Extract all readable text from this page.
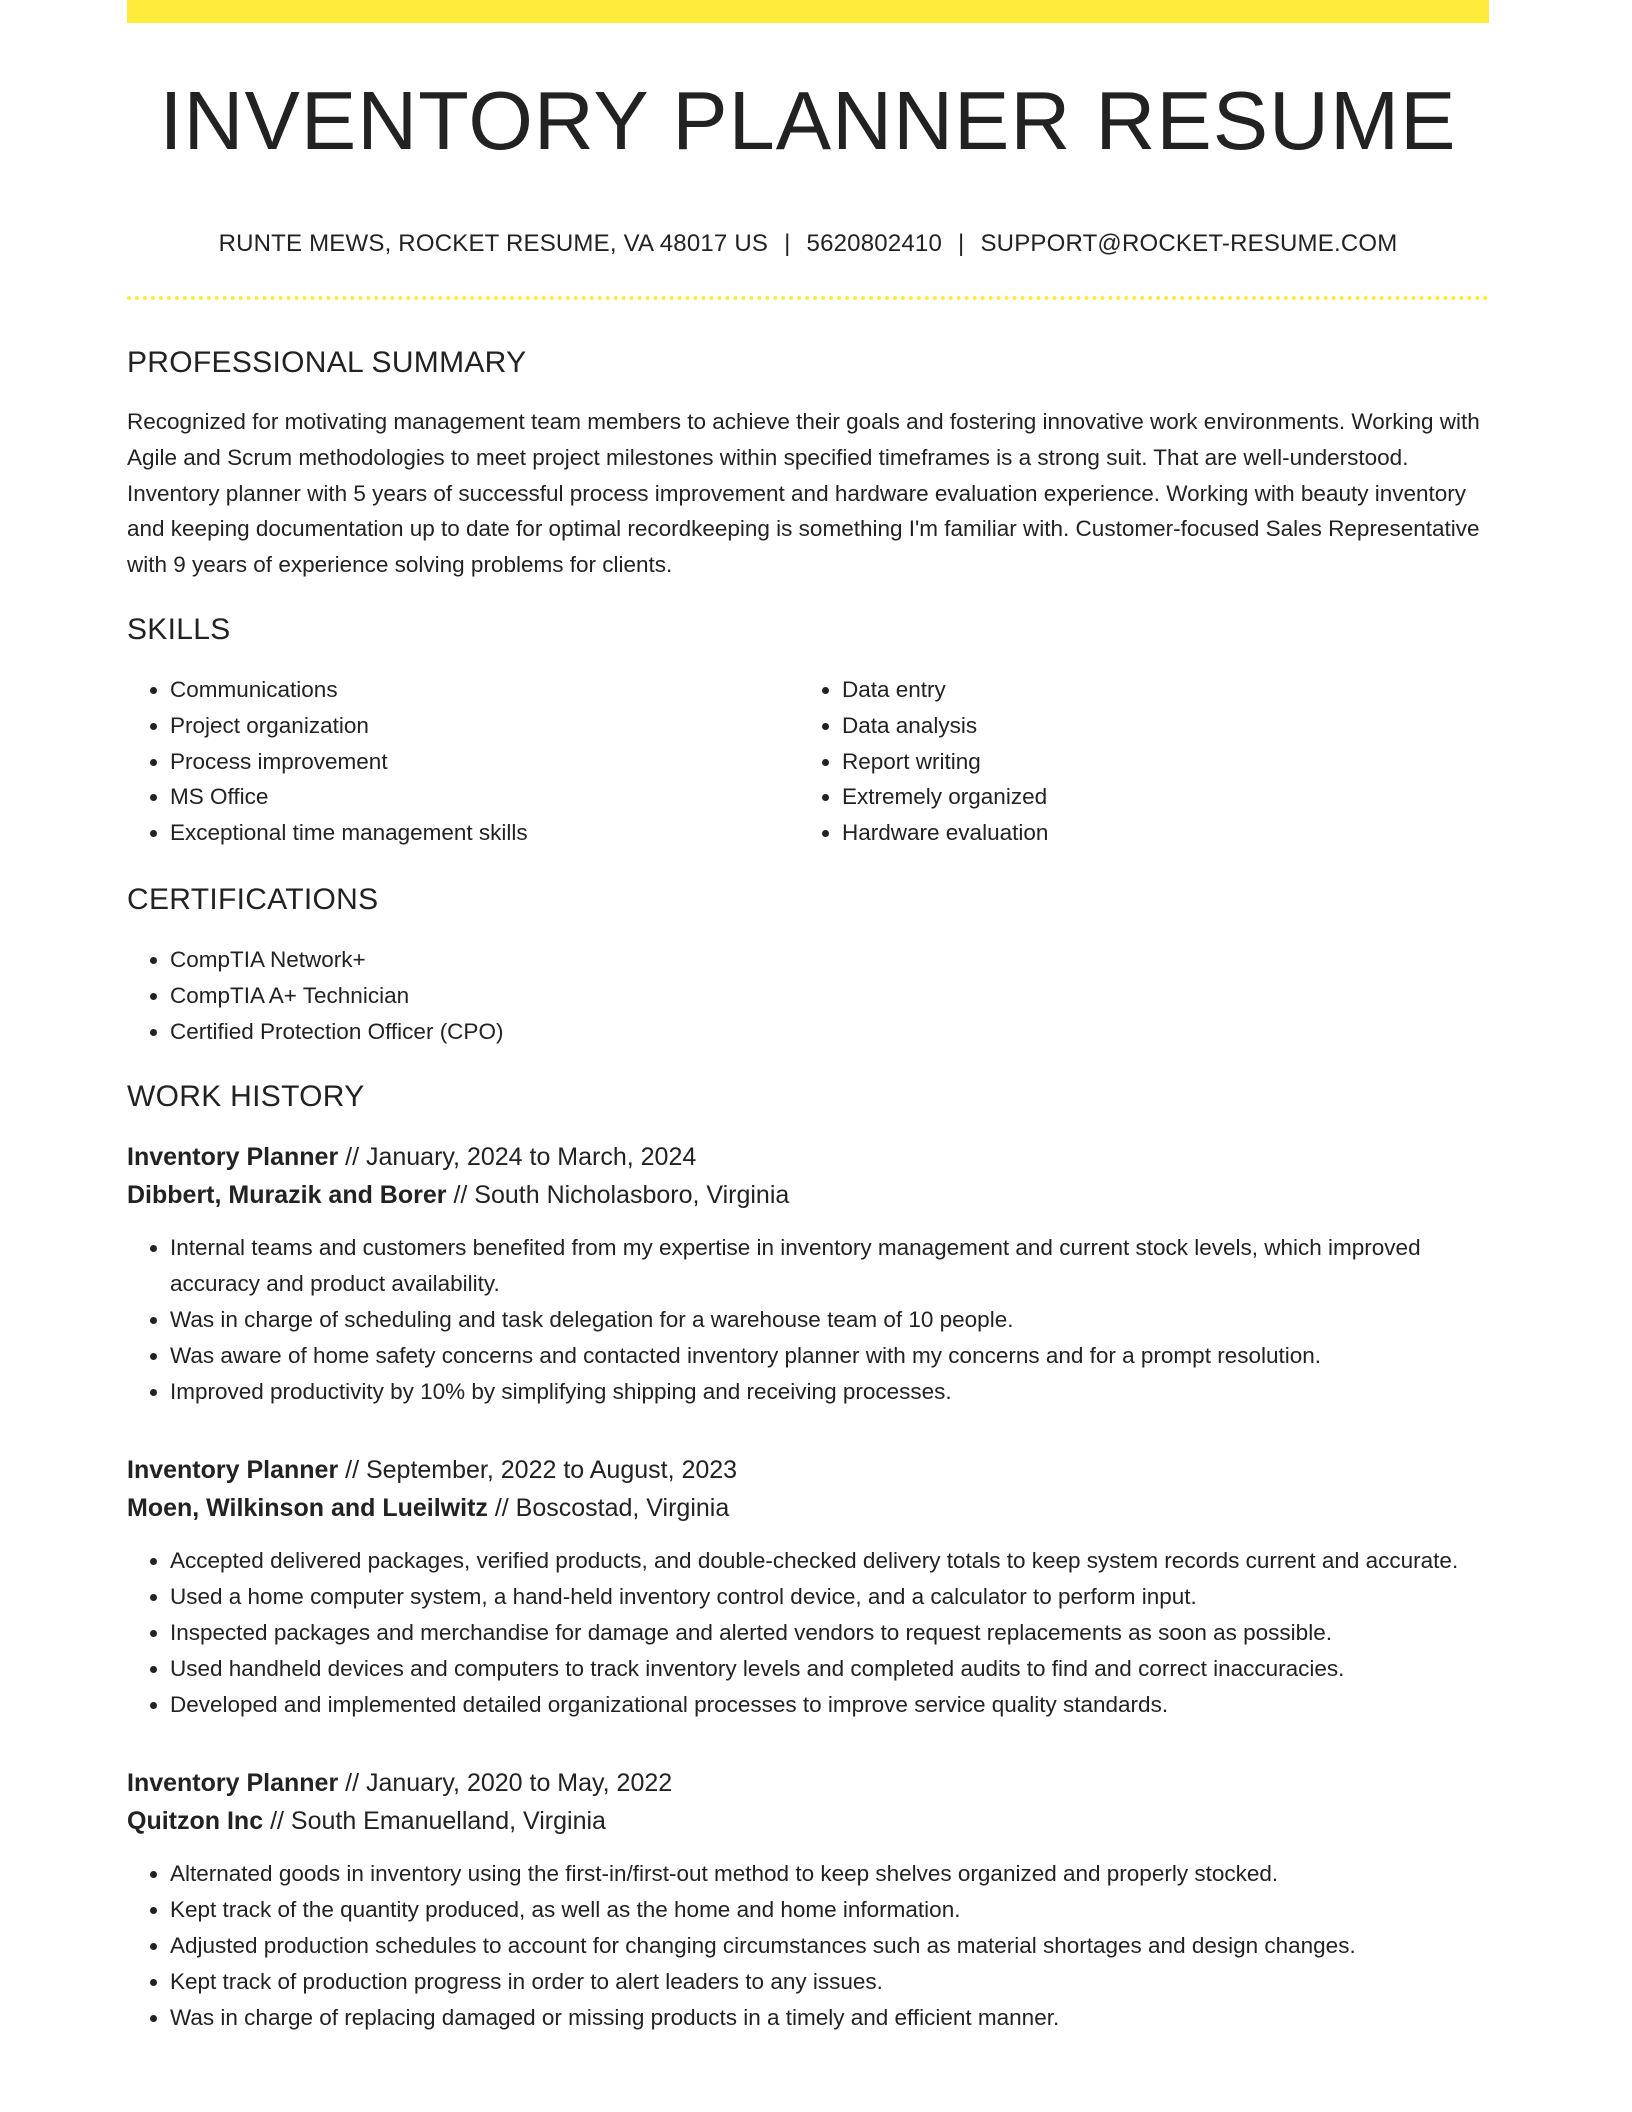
INVENTORY PLANNER RESUME
RUNTE MEWS, ROCKET RESUME, VA 48017 US | 5620802410 | SUPPORT@ROCKET-RESUME.COM
PROFESSIONAL SUMMARY

Recognized for motivating management team members to achieve their goals and fostering innovative work environments. Working with Agile and Scrum methodologies to meet project milestones within specified timeframes is a strong suit. That are well-understood. Inventory planner with 5 years of successful process improvement and hardware evaluation experience. Working with beauty inventory and keeping documentation up to date for optimal recordkeeping is something I'm familiar with. Customer-focused Sales Representative with 9 years of experience solving problems for clients.

SKILLS
• Communications
• Project organization
• Process improvement
• MS Office
• Exceptional time management skills
• Data entry
• Data analysis
• Report writing
• Extremely organized
• Hardware evaluation
CERTIFICATIONS
• CompTIA Network+
• CompTIA A+ Technician
• Certified Protection Officer (CPO)
WORK HISTORY
Inventory Planner // January, 2024 to March, 2024
Dibbert, Murazik and Borer // South Nicholasboro, Virginia
• Internal teams and customers benefited from my expertise in inventory management and current stock levels, which improved accuracy and product availability.
• Was in charge of scheduling and task delegation for a warehouse team of 10 people.
• Was aware of home safety concerns and contacted inventory planner with my concerns and for a prompt resolution.
• Improved productivity by 10% by simplifying shipping and receiving processes.
Inventory Planner // September, 2022 to August, 2023
Moen, Wilkinson and Lueilwitz // Boscostad, Virginia
• Accepted delivered packages, verified products, and double-checked delivery totals to keep system records current and accurate.
• Used a home computer system, a hand-held inventory control device, and a calculator to perform input.
• Inspected packages and merchandise for damage and alerted vendors to request replacements as soon as possible.
• Used handheld devices and computers to track inventory levels and completed audits to find and correct inaccuracies.
• Developed and implemented detailed organizational processes to improve service quality standards.
Inventory Planner // January, 2020 to May, 2022
Quitzon Inc // South Emanuelland, Virginia
• Alternated goods in inventory using the first-in/first-out method to keep shelves organized and properly stocked.
• Kept track of the quantity produced, as well as the home and home information.
• Adjusted production schedules to account for changing circumstances such as material shortages and design changes.
• Kept track of production progress in order to alert leaders to any issues.
• Was in charge of replacing damaged or missing products in a timely and efficient manner.
